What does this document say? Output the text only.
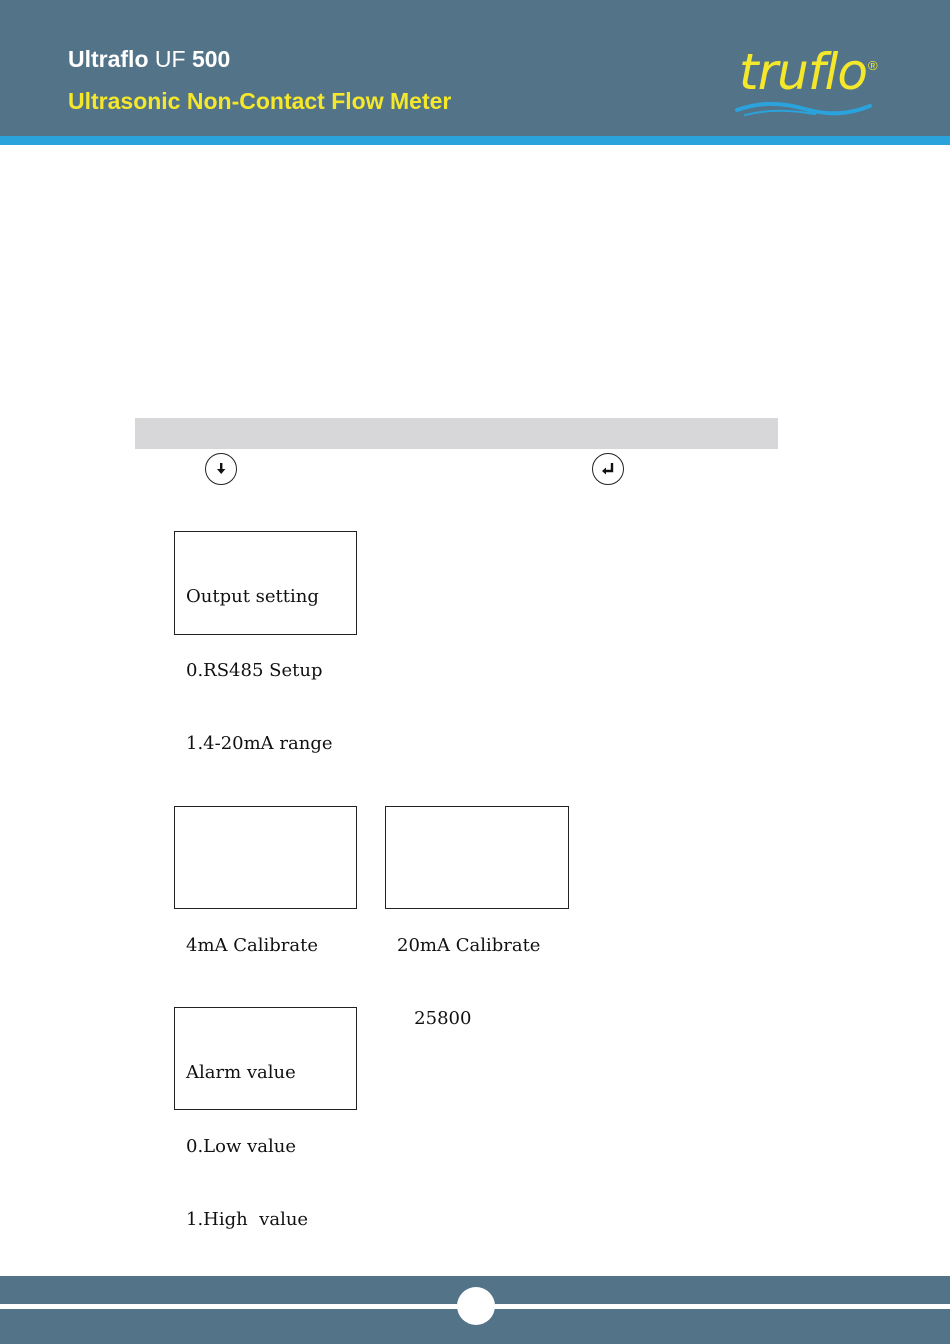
Ultraflo UF 500
Ultrasonic Non-Contact Flow Meter	truflo ®

Output setting

0.RS485 Setup

1.4-20mA range

4mA Calibrate

	20mA Calibrate

25800

Alarm value

0.Low value

1.High  value
